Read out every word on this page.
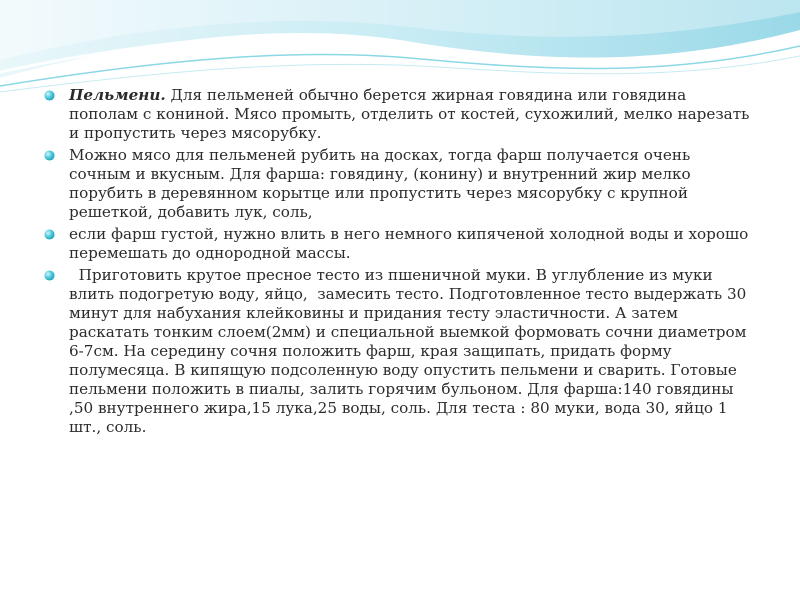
Пельмени. Для пельменей обычно берется жирная говядина или говядина пополам с кониной. Мясо промыть, отделить от костей, сухожилий, мелко нарезать и пропустить через мясорубку.
Можно мясо для пельменей рубить на досках, тогда фарш получается очень сочным и вкусным. Для фарша: говядину, (конину) и внутренний жир мелко порубить в деревянном корытце или пропустить через мясорубку с крупной решеткой, добавить лук, соль,
если фарш густой, нужно влить в него немного кипяченой холодной воды и хорошо перемешать до однородной массы.
Приготовить крутое пресное тесто из пшеничной муки. В углубление из муки влить подогретую воду, яйцо,  замесить тесто. Подготовленное тесто выдержать 30 минут для набухания клейковины и придания тесту эластичности. А затем раскатать тонким слоем(2мм) и специальной выемкой формовать сочни диаметром 6-7см. На середину сочня положить фарш, края защипать, придать форму полумесяца. В кипящую подсоленную воду опустить пельмени и сварить. Готовые пельмени положить в пиалы, залить горячим бульоном. Для фарша:140 говядины ,50 внутреннего жира,15 лука,25 воды, соль. Для теста : 80 муки, вода 30, яйцо 1 шт., соль.
